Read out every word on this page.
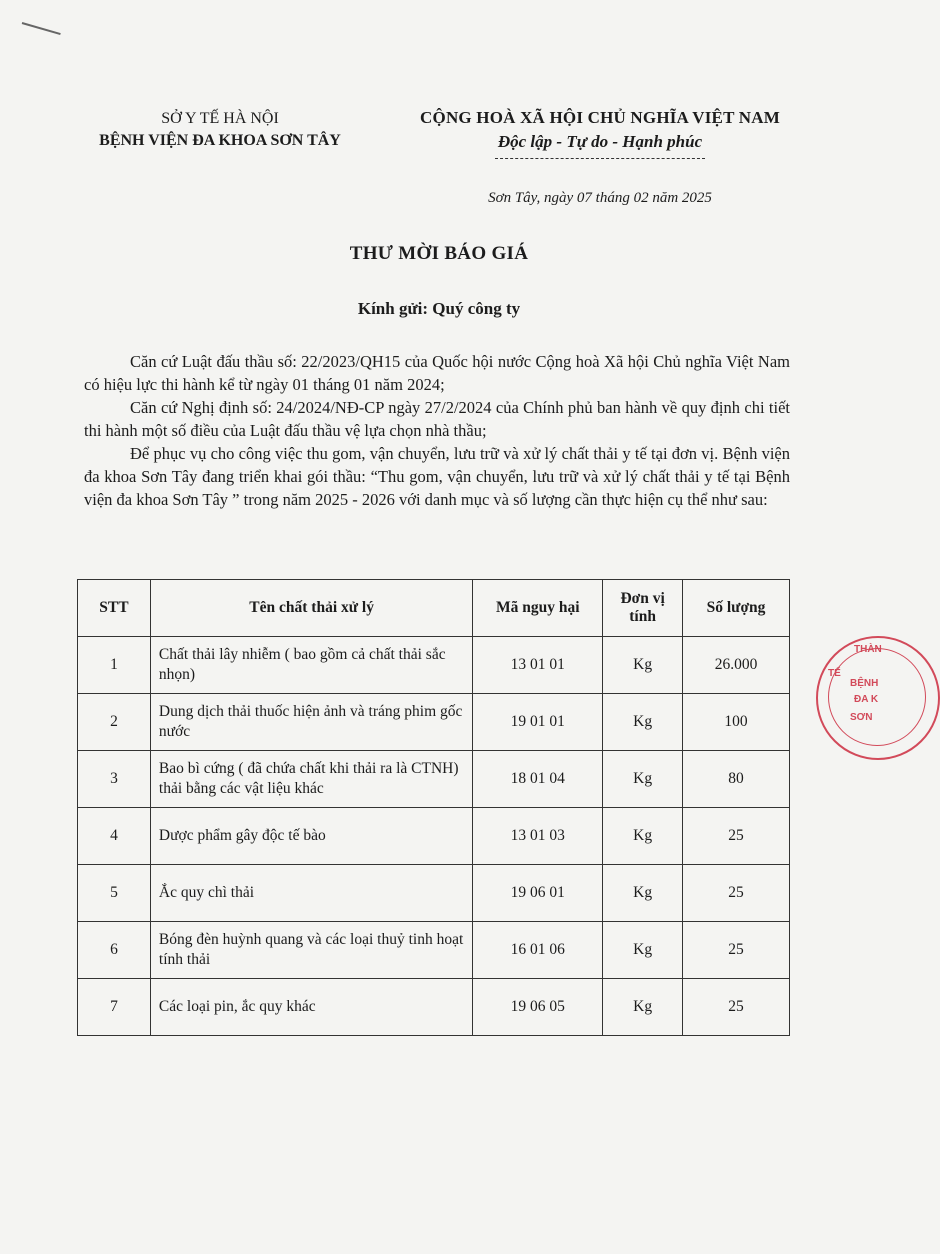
SỞ Y TẾ HÀ NỘI
BỆNH VIỆN ĐA KHOA SƠN TÂY
CỘNG HOÀ XÃ HỘI CHỦ NGHĨA VIỆT NAM
Độc lập - Tự do - Hạnh phúc
Sơn Tây, ngày 07 tháng 02 năm 2025
THƯ MỜI BÁO GIÁ
Kính gửi: Quý công ty

Căn cứ Luật đấu thầu số: 22/2023/QH15 của Quốc hội nước Cộng hoà Xã hội Chủ nghĩa Việt Nam có hiệu lực thi hành kể từ ngày 01 tháng 01 năm 2024;

Căn cứ Nghị định số: 24/2024/NĐ-CP ngày 27/2/2024 của Chính phủ ban hành về quy định chi tiết thi hành một số điều của Luật đấu thầu vệ lựa chọn nhà thầu;

Để phục vụ cho công việc thu gom, vận chuyển, lưu trữ và xử lý chất thải y tế tại đơn vị. Bệnh viện đa khoa Sơn Tây đang triển khai gói thầu: “Thu gom, vận chuyển, lưu trữ và xử lý chất thải y tế tại Bệnh viện đa khoa Sơn Tây ” trong năm 2025 - 2026 với danh mục và số lượng cần thực hiện cụ thể như sau:

STT	Tên chất thải xử lý	Mã nguy hại	Đơn vị tính	Số lượng
1	Chất thải lây nhiễm ( bao gồm cả chất thải sắc nhọn)	13 01 01	Kg	26.000
2	Dung dịch thải thuốc hiện ảnh và tráng phim gốc nước	19 01 01	Kg	100
3	Bao bì cứng ( đã chứa chất khi thải ra là CTNH) thải bằng các vật liệu khác	18 01 04	Kg	80
4	Dược phẩm gây độc tế bào	13 01 03	Kg	25
5	Ắc quy chì thải	19 06 01	Kg	25
6	Bóng đèn huỳnh quang và các loại thuỷ tinh hoạt tính thải	16 01 06	Kg	25
7	Các loại pin, ắc quy khác	19 06 05	Kg	25
THÀN
BỆNH
ĐA K
SƠN
TẾ
